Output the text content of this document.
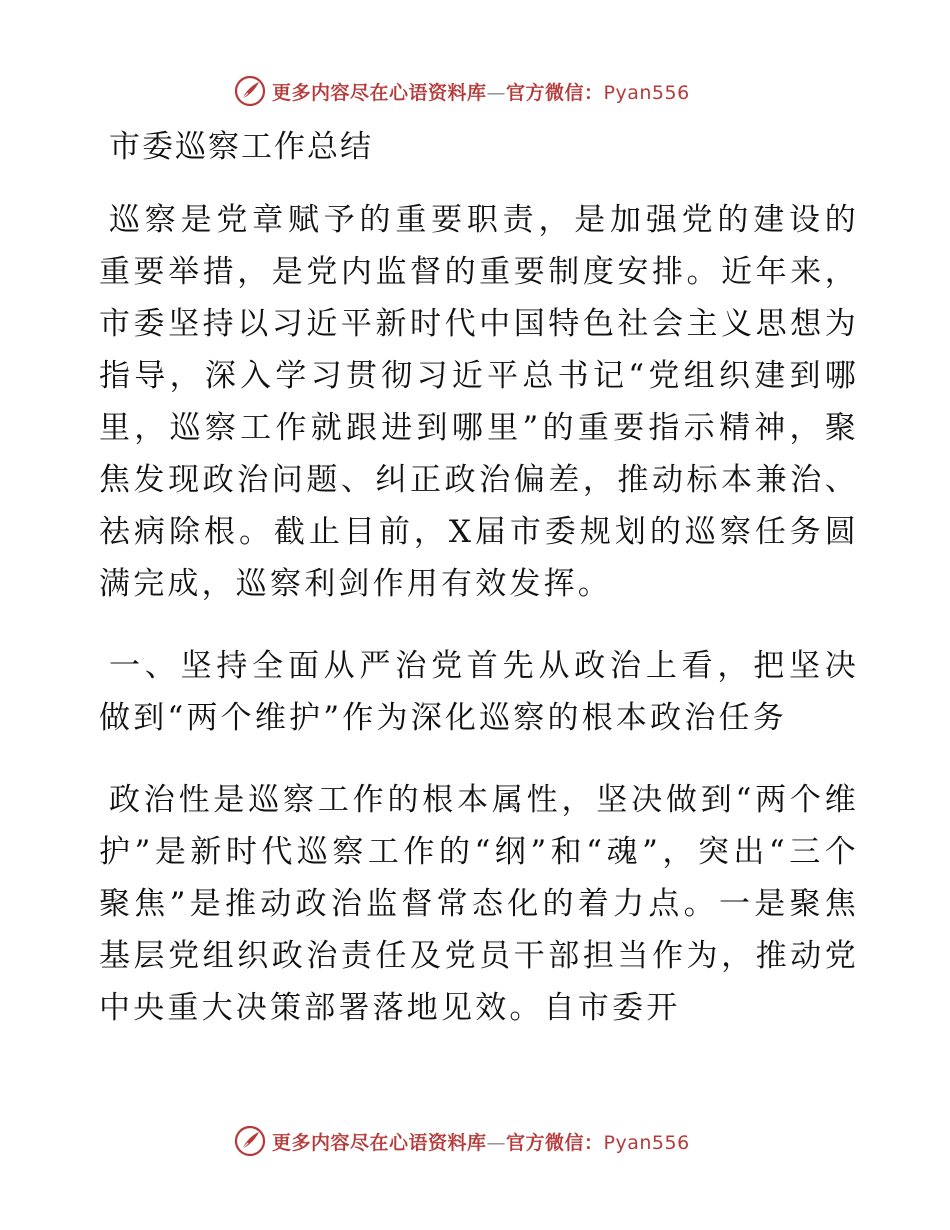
更多内容尽在心语资料库—官方微信：Pyan556
市委巡察工作总结

巡察是党章赋予的重要职责，是加强党的建设的重要举措，是党内监督的重要制度安排。近年来，市委坚持以习近平新时代中国特色社会主义思想为指导，深入学习贯彻习近平总书记“党组织建到哪里，巡察工作就跟进到哪里”的重要指示精神，聚焦发现政治问题、纠正政治偏差，推动标本兼治、祛病除根。截止目前，X届市委规划的巡察任务圆满完成，巡察利剑作用有效发挥。

一、坚持全面从严治党首先从政治上看，把坚决做到“两个维护”作为深化巡察的根本政治任务

政治性是巡察工作的根本属性，坚决做到“两个维护”是新时代巡察工作的“纲”和“魂”，突出“三个聚焦”是推动政治监督常态化的着力点。一是聚焦基层党组织政治责任及党员干部担当作为，推动党中央重大决策部署落地见效。自市委开

更多内容尽在心语资料库—官方微信：Pyan556
